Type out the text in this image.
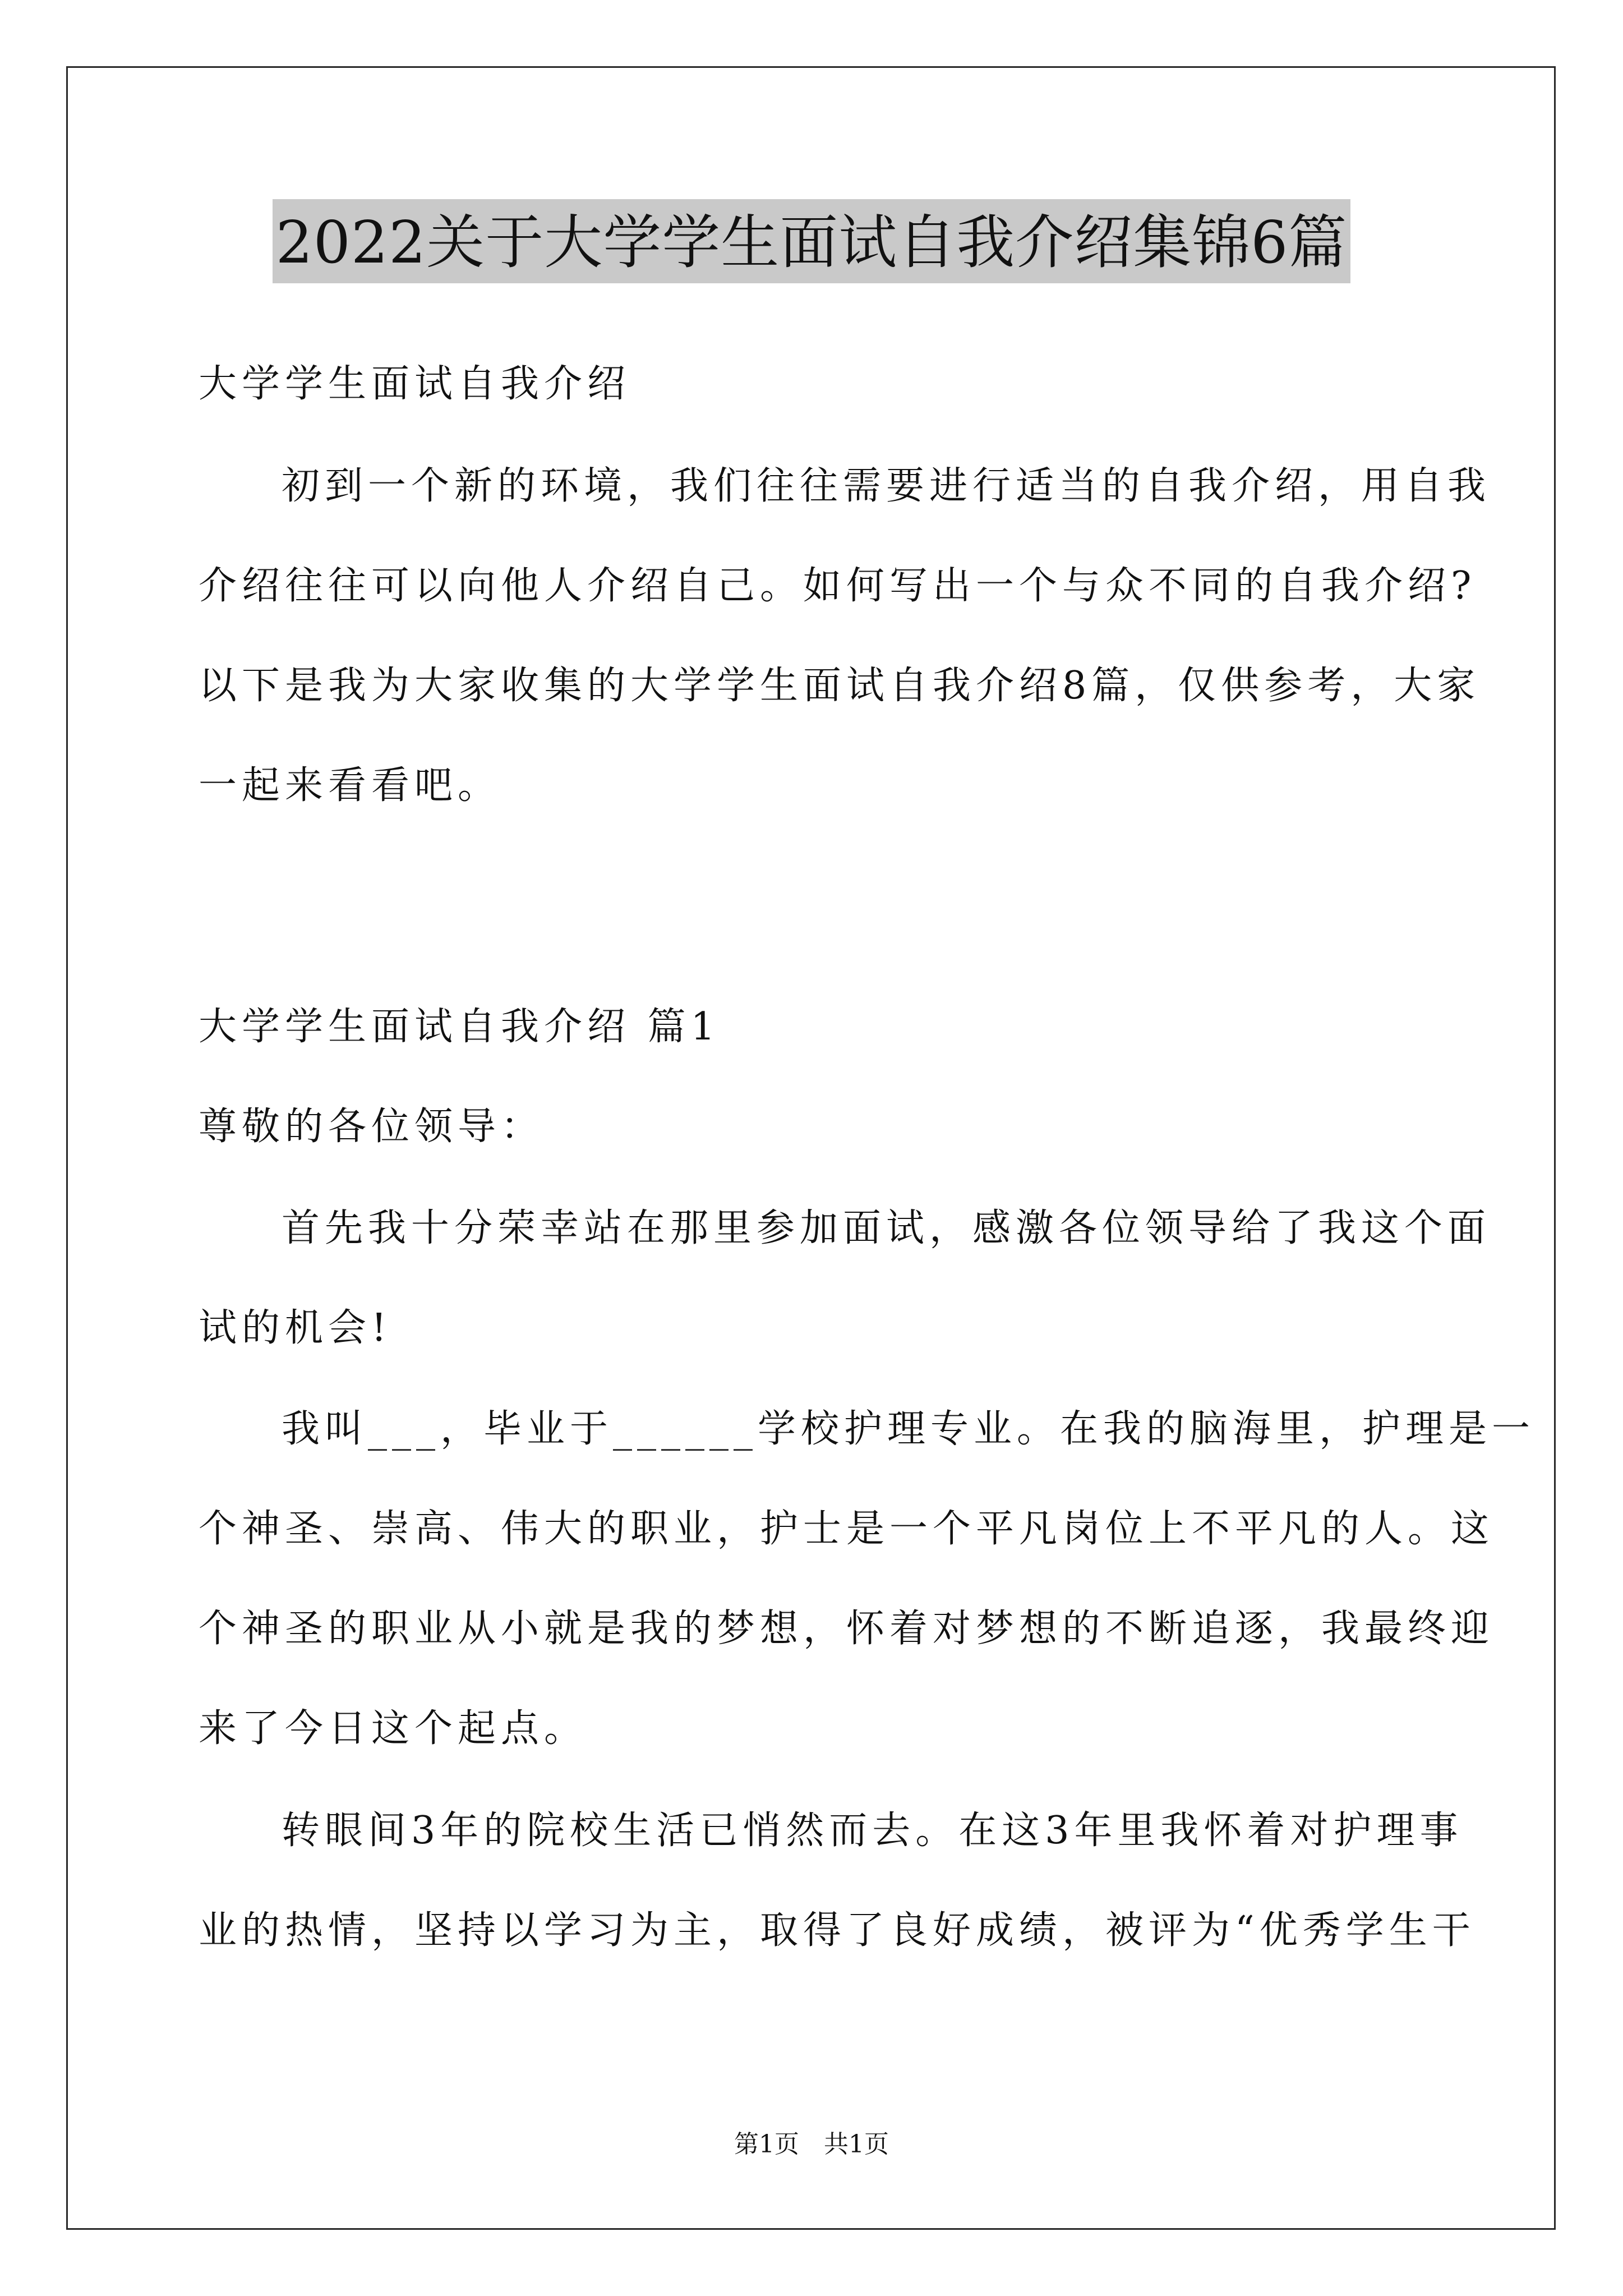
2022关于大学学生面试自我介绍集锦6篇
大学学生面试自我介绍
初到一个新的环境，我们往往需要进行适当的自我介绍，用自我
介绍往往可以向他人介绍自己。如何写出一个与众不同的自我介绍?
以下是我为大家收集的大学学生面试自我介绍8篇，仅供参考，大家
一起来看看吧。
大学学生面试自我介绍 篇1
尊敬的各位领导：
首先我十分荣幸站在那里参加面试，感激各位领导给了我这个面
试的机会!
我叫___，毕业于______学校护理专业。在我的脑海里，护理是一
个神圣、崇高、伟大的职业，护士是一个平凡岗位上不平凡的人。这
个神圣的职业从小就是我的梦想，怀着对梦想的不断追逐，我最终迎
来了今日这个起点。
转眼间3年的院校生活已悄然而去。在这3年里我怀着对护理事
业的热情，坚持以学习为主，取得了良好成绩，被评为“优秀学生干
第1页　共1页
